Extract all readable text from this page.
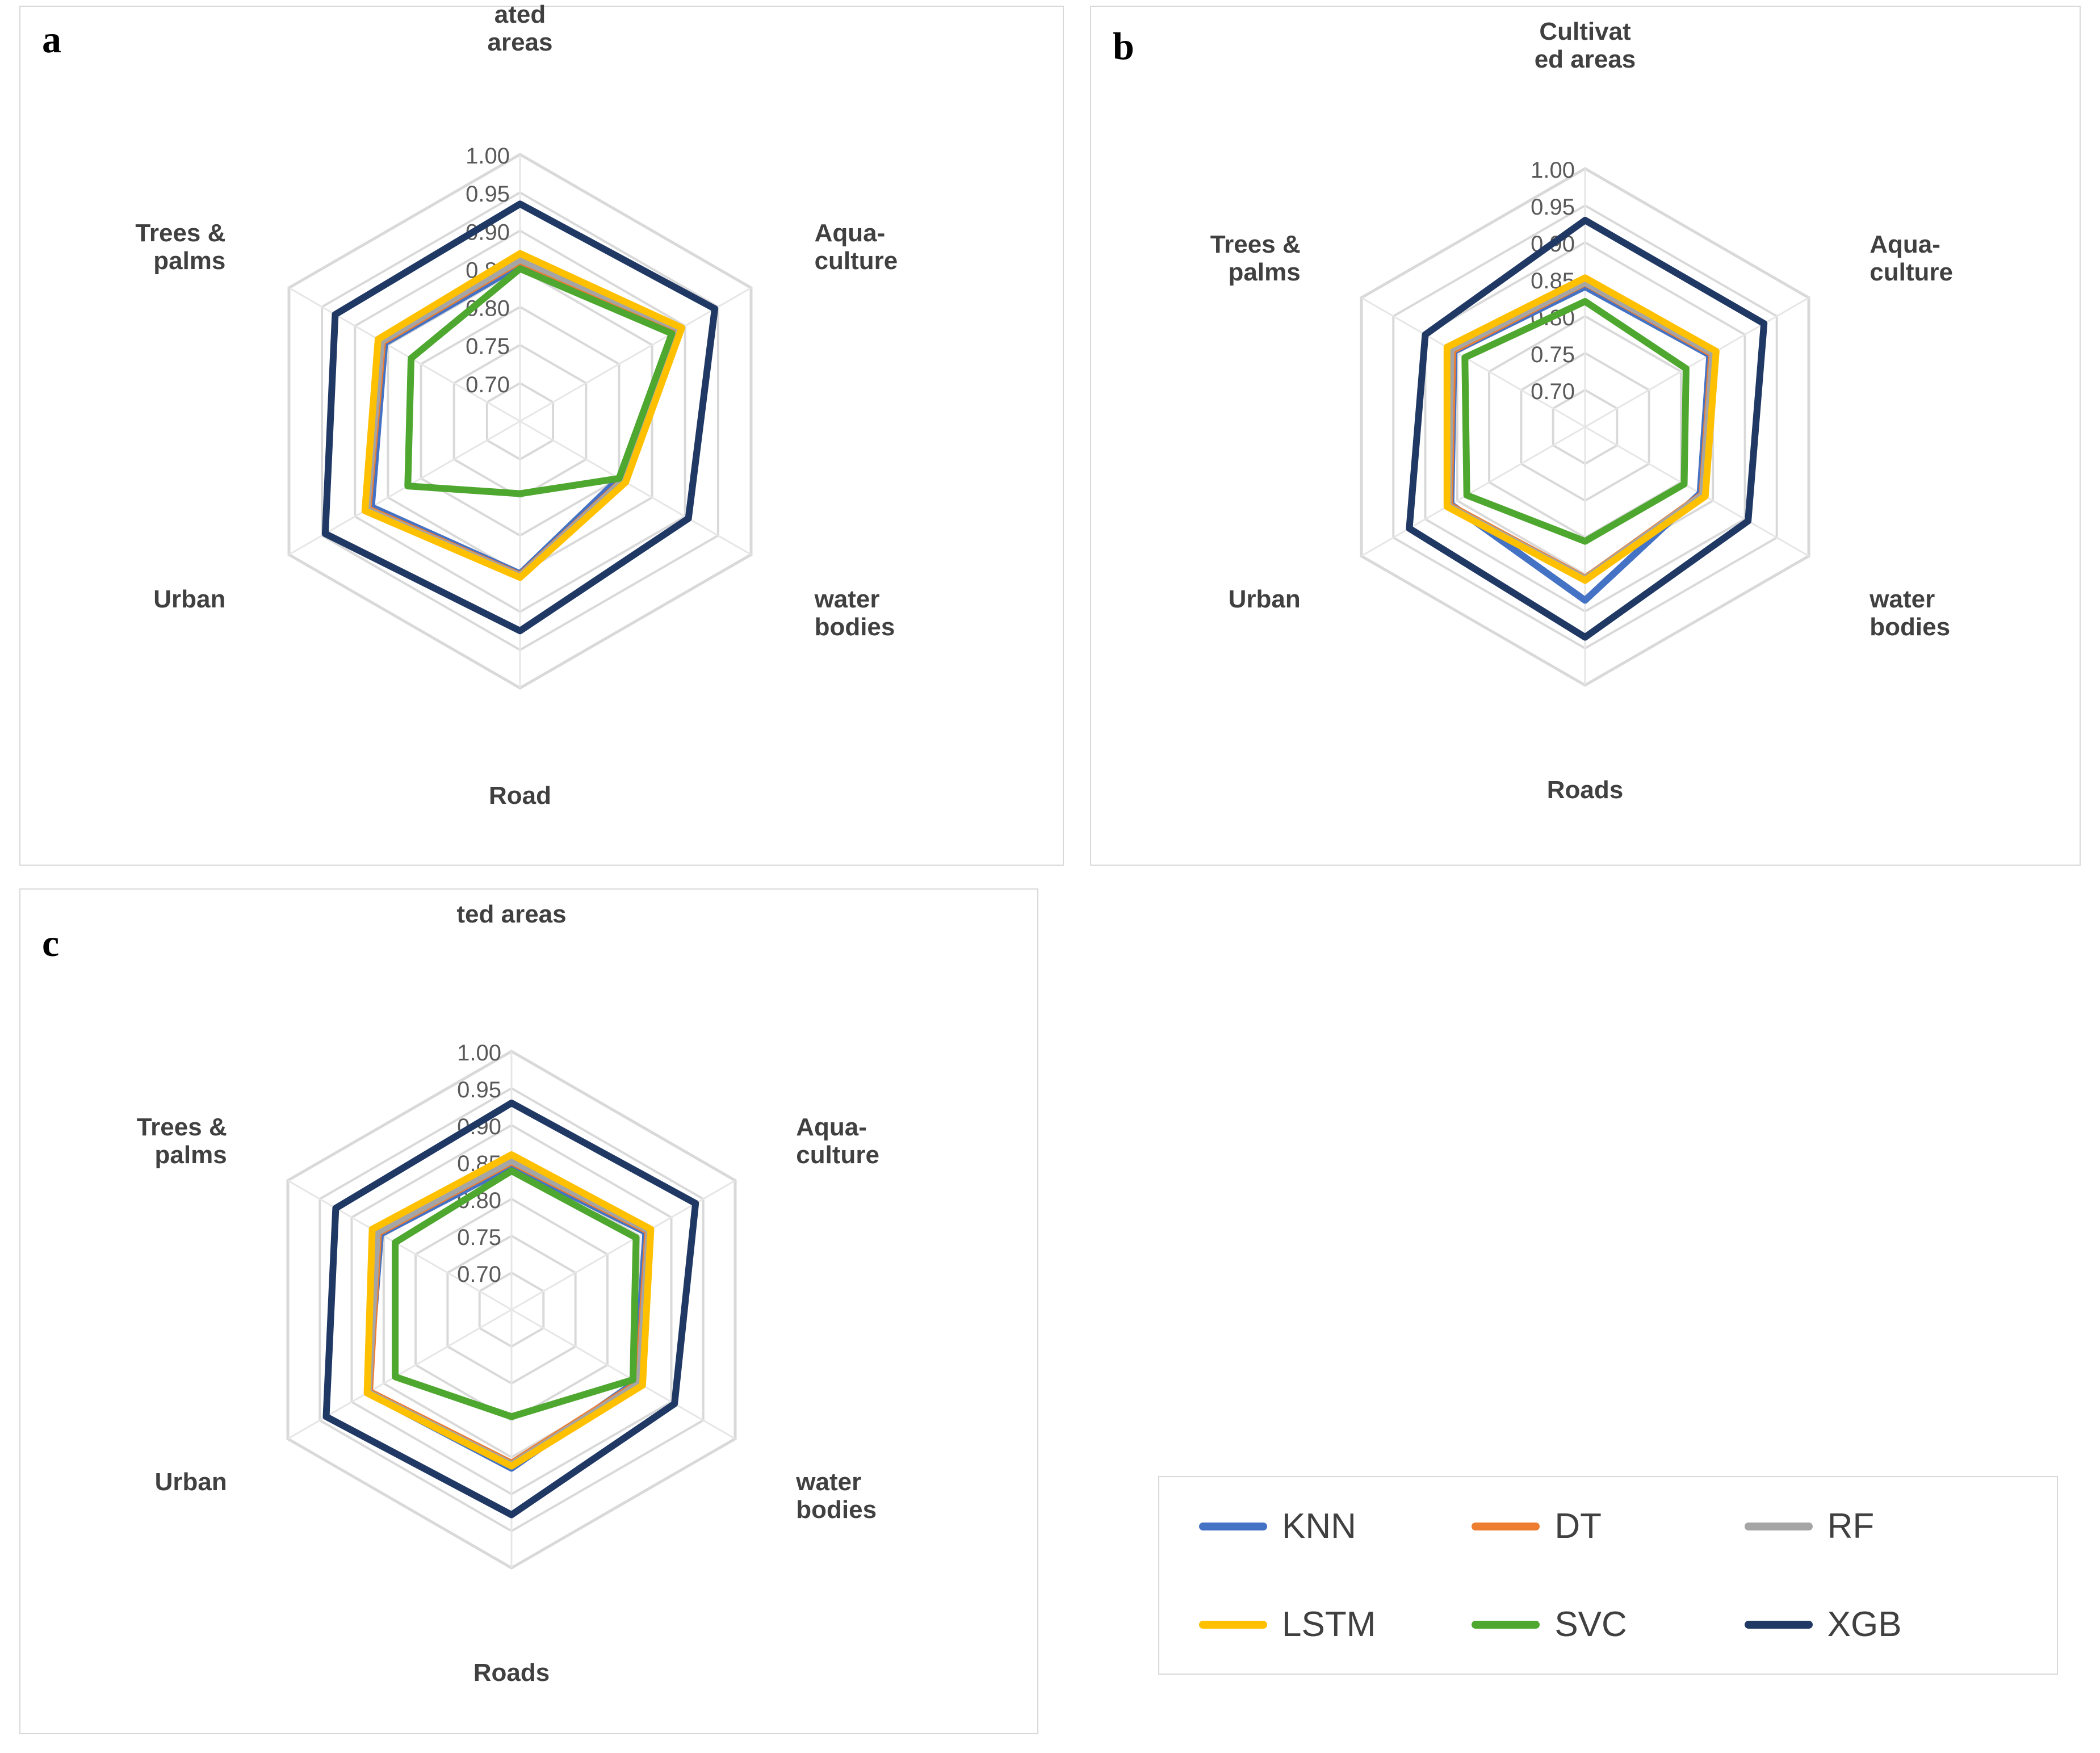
a
0.70
0.75
0.80
0.85
0.90
0.95
1.00
ated areas
Aqua-culture
water bodies
Road
Urban
Trees & palms
b
0.70
0.75
0.80
0.85
0.90
0.95
1.00
Cultivat ed areas
Aqua-culture
water bodies
Roads
Urban
Trees & palms
c
0.70
0.75
0.80
0.85
0.90
0.95
1.00
ted areas
Aqua-culture
water bodies
Roads
Urban
Trees & palms
KNN	DT	RF
LSTM	SVC	XGB
